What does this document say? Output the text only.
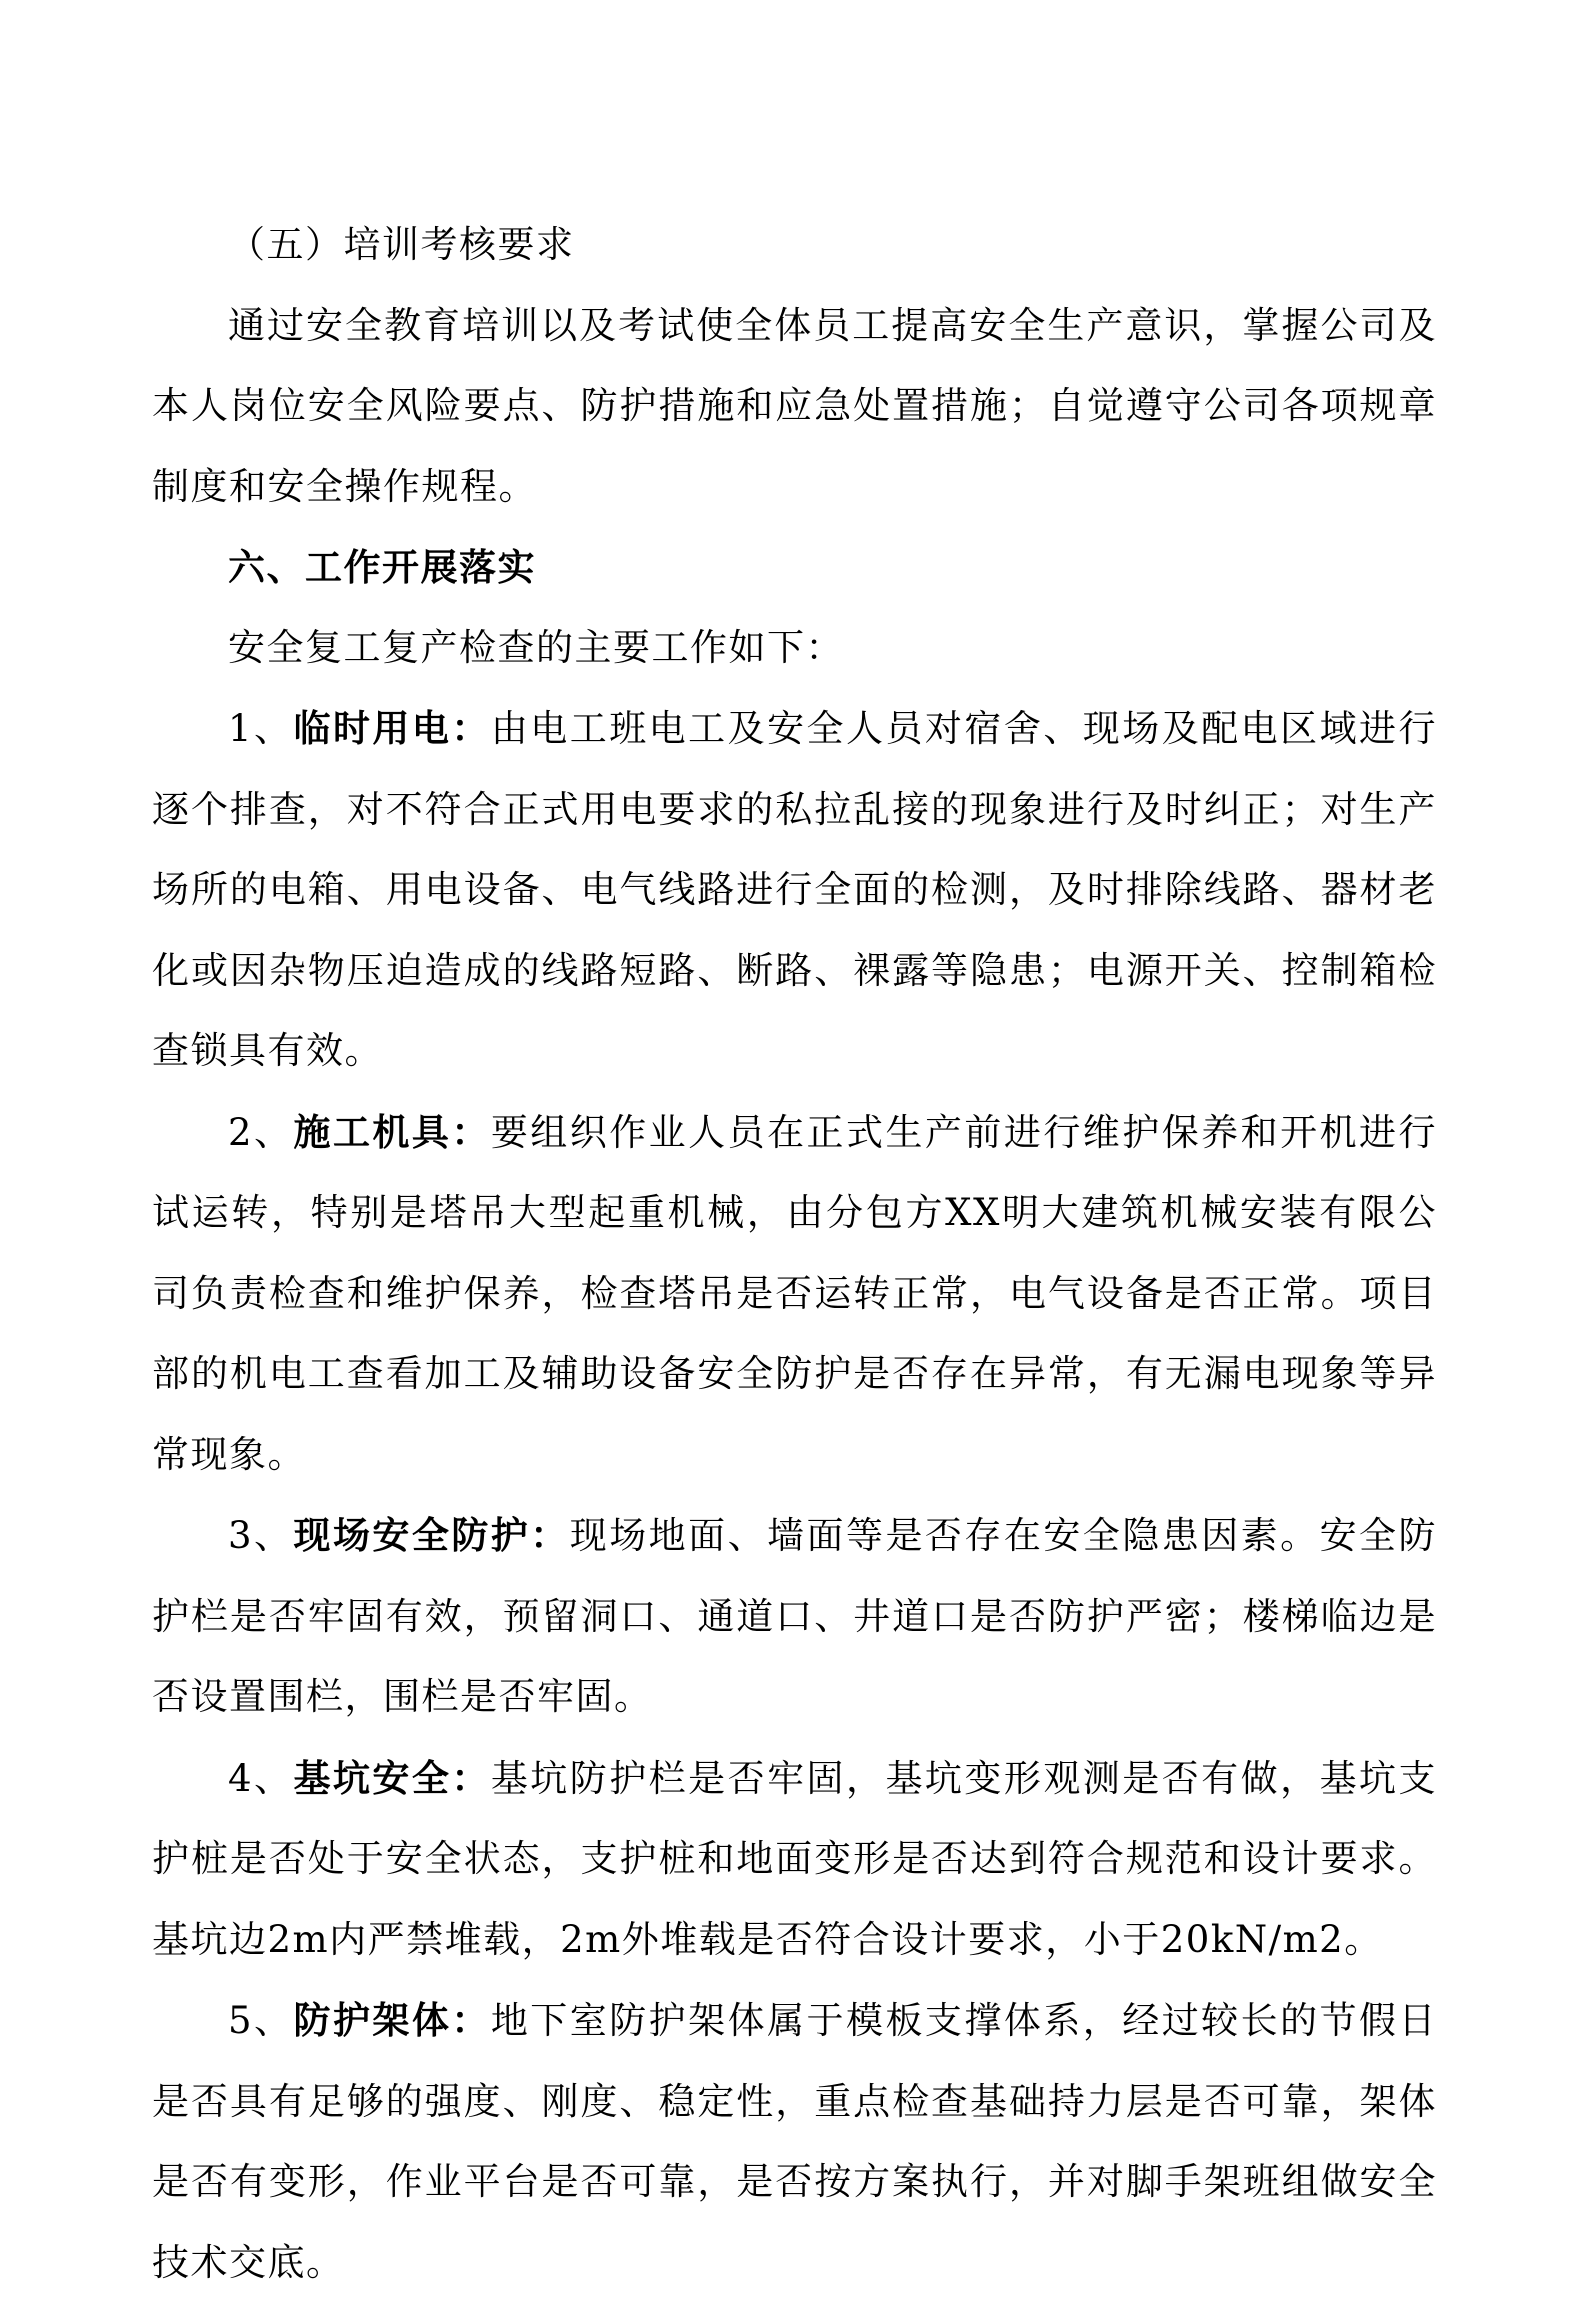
（五）培训考核要求

通过安全教育培训以及考试使全体员工提高安全生产意识，掌握公司及本人岗位安全风险要点、防护措施和应急处置措施；自觉遵守公司各项规章制度和安全操作规程。

六、工作开展落实

安全复工复产检查的主要工作如下：

1、临时用电：由电工班电工及安全人员对宿舍、现场及配电区域进行逐个排查，对不符合正式用电要求的私拉乱接的现象进行及时纠正；对生产场所的电箱、用电设备、电气线路进行全面的检测，及时排除线路、器材老化或因杂物压迫造成的线路短路、断路、裸露等隐患；电源开关、控制箱检查锁具有效。

2、施工机具：要组织作业人员在正式生产前进行维护保养和开机进行试运转，特别是塔吊大型起重机械，由分包方XX明大建筑机械安装有限公司负责检查和维护保养，检查塔吊是否运转正常，电气设备是否正常。项目部的机电工查看加工及辅助设备安全防护是否存在异常，有无漏电现象等异常现象。

3、现场安全防护：现场地面、墙面等是否存在安全隐患因素。安全防护栏是否牢固有效，预留洞口、通道口、井道口是否防护严密；楼梯临边是否设置围栏，围栏是否牢固。

4、基坑安全：基坑防护栏是否牢固，基坑变形观测是否有做，基坑支护桩是否处于安全状态，支护桩和地面变形是否达到符合规范和设计要求。基坑边2m内严禁堆载，2m外堆载是否符合设计要求，小于20kN/m2。

5、防护架体：地下室防护架体属于模板支撑体系，经过较长的节假日是否具有足够的强度、刚度、稳定性，重点检查基础持力层是否可靠，架体是否有变形，作业平台是否可靠，是否按方案执行，并对脚手架班组做安全技术交底。
